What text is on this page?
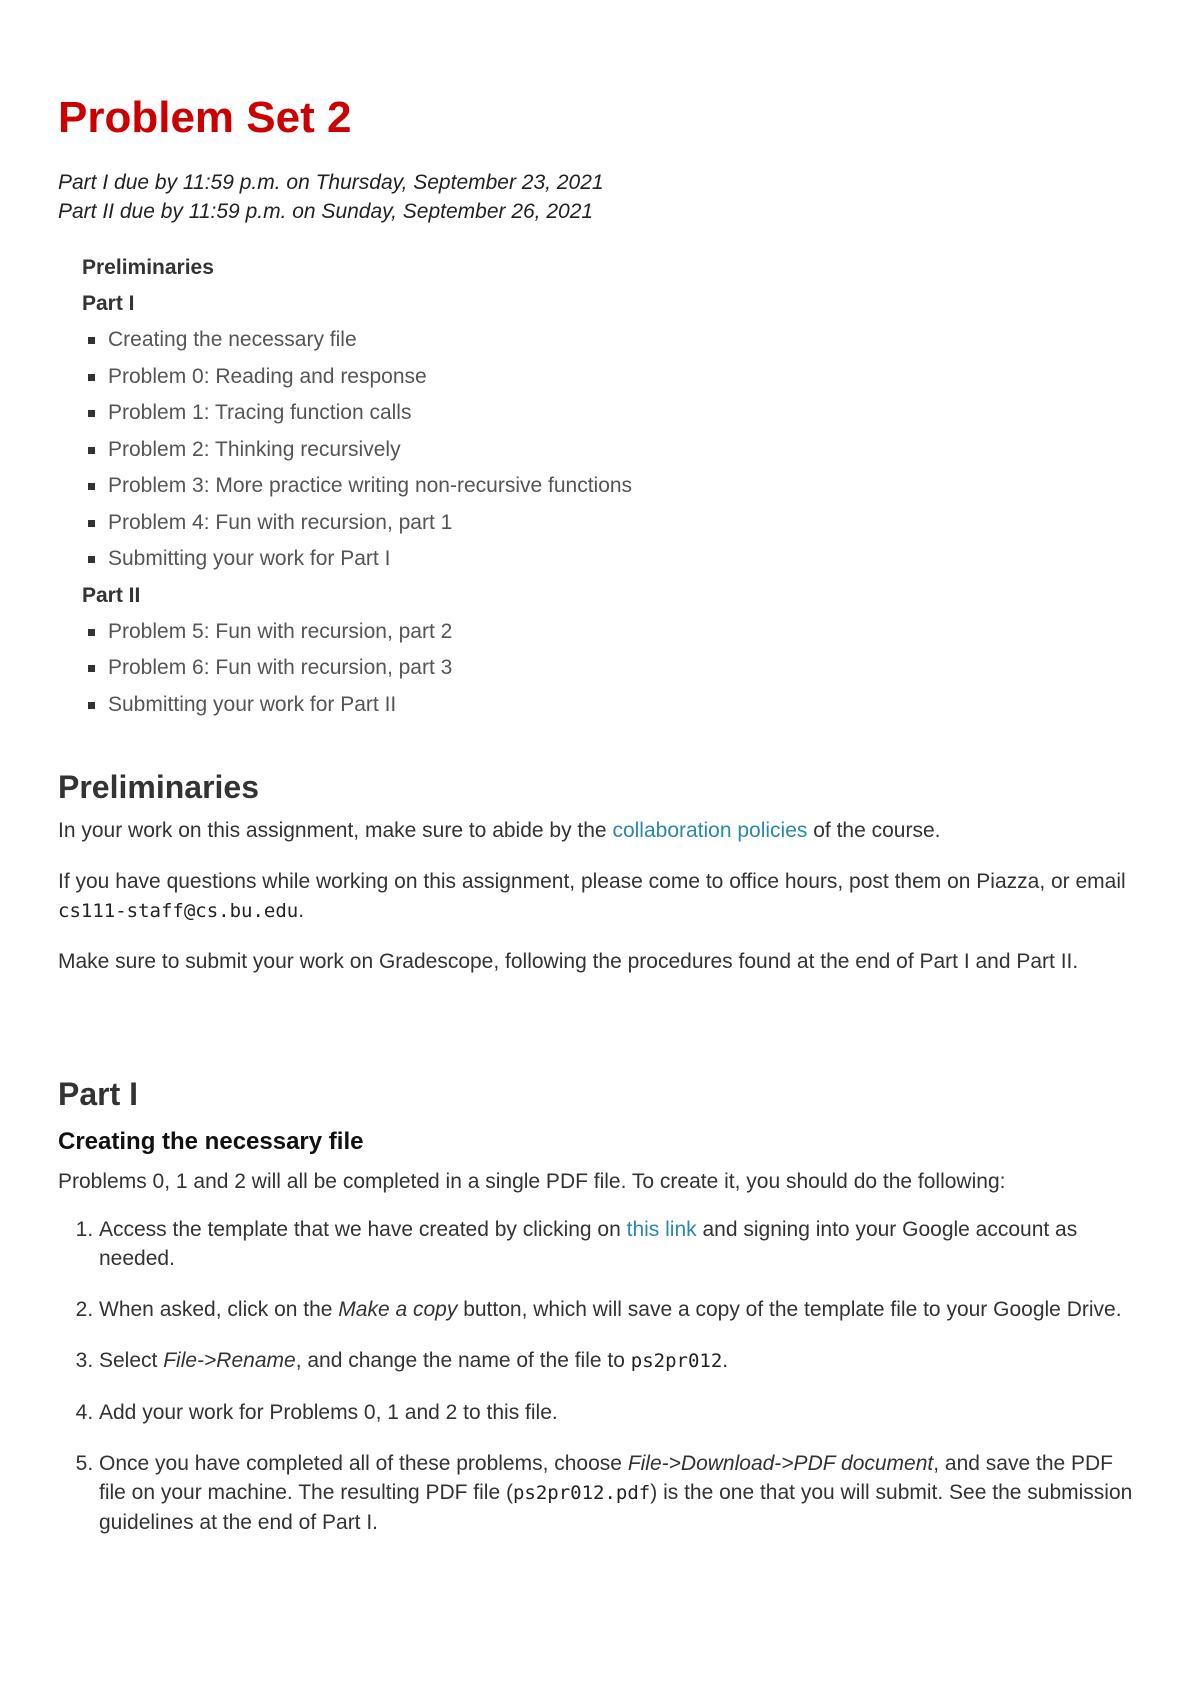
Problem Set 2
Part I due by 11:59 p.m. on Thursday, September 23, 2021
Part II due by 11:59 p.m. on Sunday, September 26, 2021
Preliminaries
Part I
Creating the necessary file
Problem 0: Reading and response
Problem 1: Tracing function calls
Problem 2: Thinking recursively
Problem 3: More practice writing non-recursive functions
Problem 4: Fun with recursion, part 1
Submitting your work for Part I
Part II
Problem 5: Fun with recursion, part 2
Problem 6: Fun with recursion, part 3
Submitting your work for Part II
Preliminaries

In your work on this assignment, make sure to abide by the collaboration policies of the course.

If you have questions while working on this assignment, please come to office hours, post them on Piazza, or email cs111-staff@cs.bu.edu.

Make sure to submit your work on Gradescope, following the procedures found at the end of Part I and Part II.

Part I
Creating the necessary file

Problems 0, 1 and 2 will all be completed in a single PDF file. To create it, you should do the following:

1. Access the template that we have created by clicking on this link and signing into your Google account as needed.
2. When asked, click on the Make a copy button, which will save a copy of the template file to your Google Drive.
3. Select File->Rename, and change the name of the file to ps2pr012.
4. Add your work for Problems 0, 1 and 2 to this file.
5. Once you have completed all of these problems, choose File->Download->PDF document, and save the PDF file on your machine. The resulting PDF file (ps2pr012.pdf) is the one that you will submit. See the submission guidelines at the end of Part I.
